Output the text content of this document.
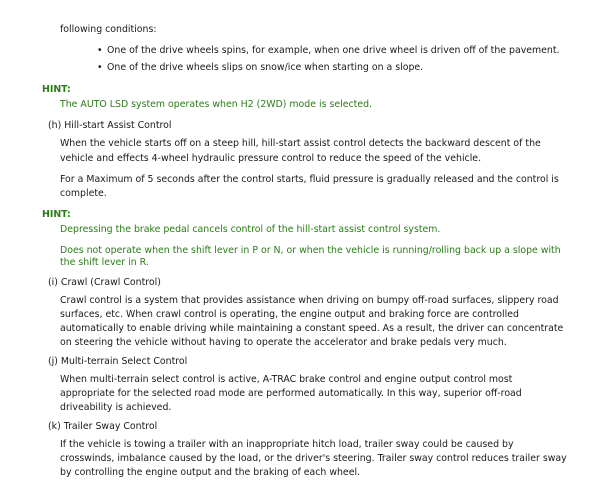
following conditions:
• One of the drive wheels spins, for example, when one drive wheel is driven off of the pavement.
• One of the drive wheels slips on snow/ice when starting on a slope.
HINT:
The AUTO LSD system operates when H2 (2WD) mode is selected.
(h) Hill-start Assist Control
When the vehicle starts off on a steep hill, hill-start assist control detects the backward descent of the
vehicle and effects 4-wheel hydraulic pressure control to reduce the speed of the vehicle.
For a Maximum of 5 seconds after the control starts, fluid pressure is gradually released and the control is
complete.
HINT:
Depressing the brake pedal cancels control of the hill-start assist control system.
Does not operate when the shift lever in P or N, or when the vehicle is running/rolling back up a slope with
the shift lever in R.
(i) Crawl (Crawl Control)
Crawl control is a system that provides assistance when driving on bumpy off-road surfaces, slippery road
surfaces, etc. When crawl control is operating, the engine output and braking force are controlled
automatically to enable driving while maintaining a constant speed. As a result, the driver can concentrate
on steering the vehicle without having to operate the accelerator and brake pedals very much.
(j) Multi-terrain Select Control
When multi-terrain select control is active, A-TRAC brake control and engine output control most
appropriate for the selected road mode are performed automatically. In this way, superior off-road
driveability is achieved.
(k) Trailer Sway Control
If the vehicle is towing a trailer with an inappropriate hitch load, trailer sway could be caused by
crosswinds, imbalance caused by the load, or the driver's steering. Trailer sway control reduces trailer sway
by controlling the engine output and the braking of each wheel.
